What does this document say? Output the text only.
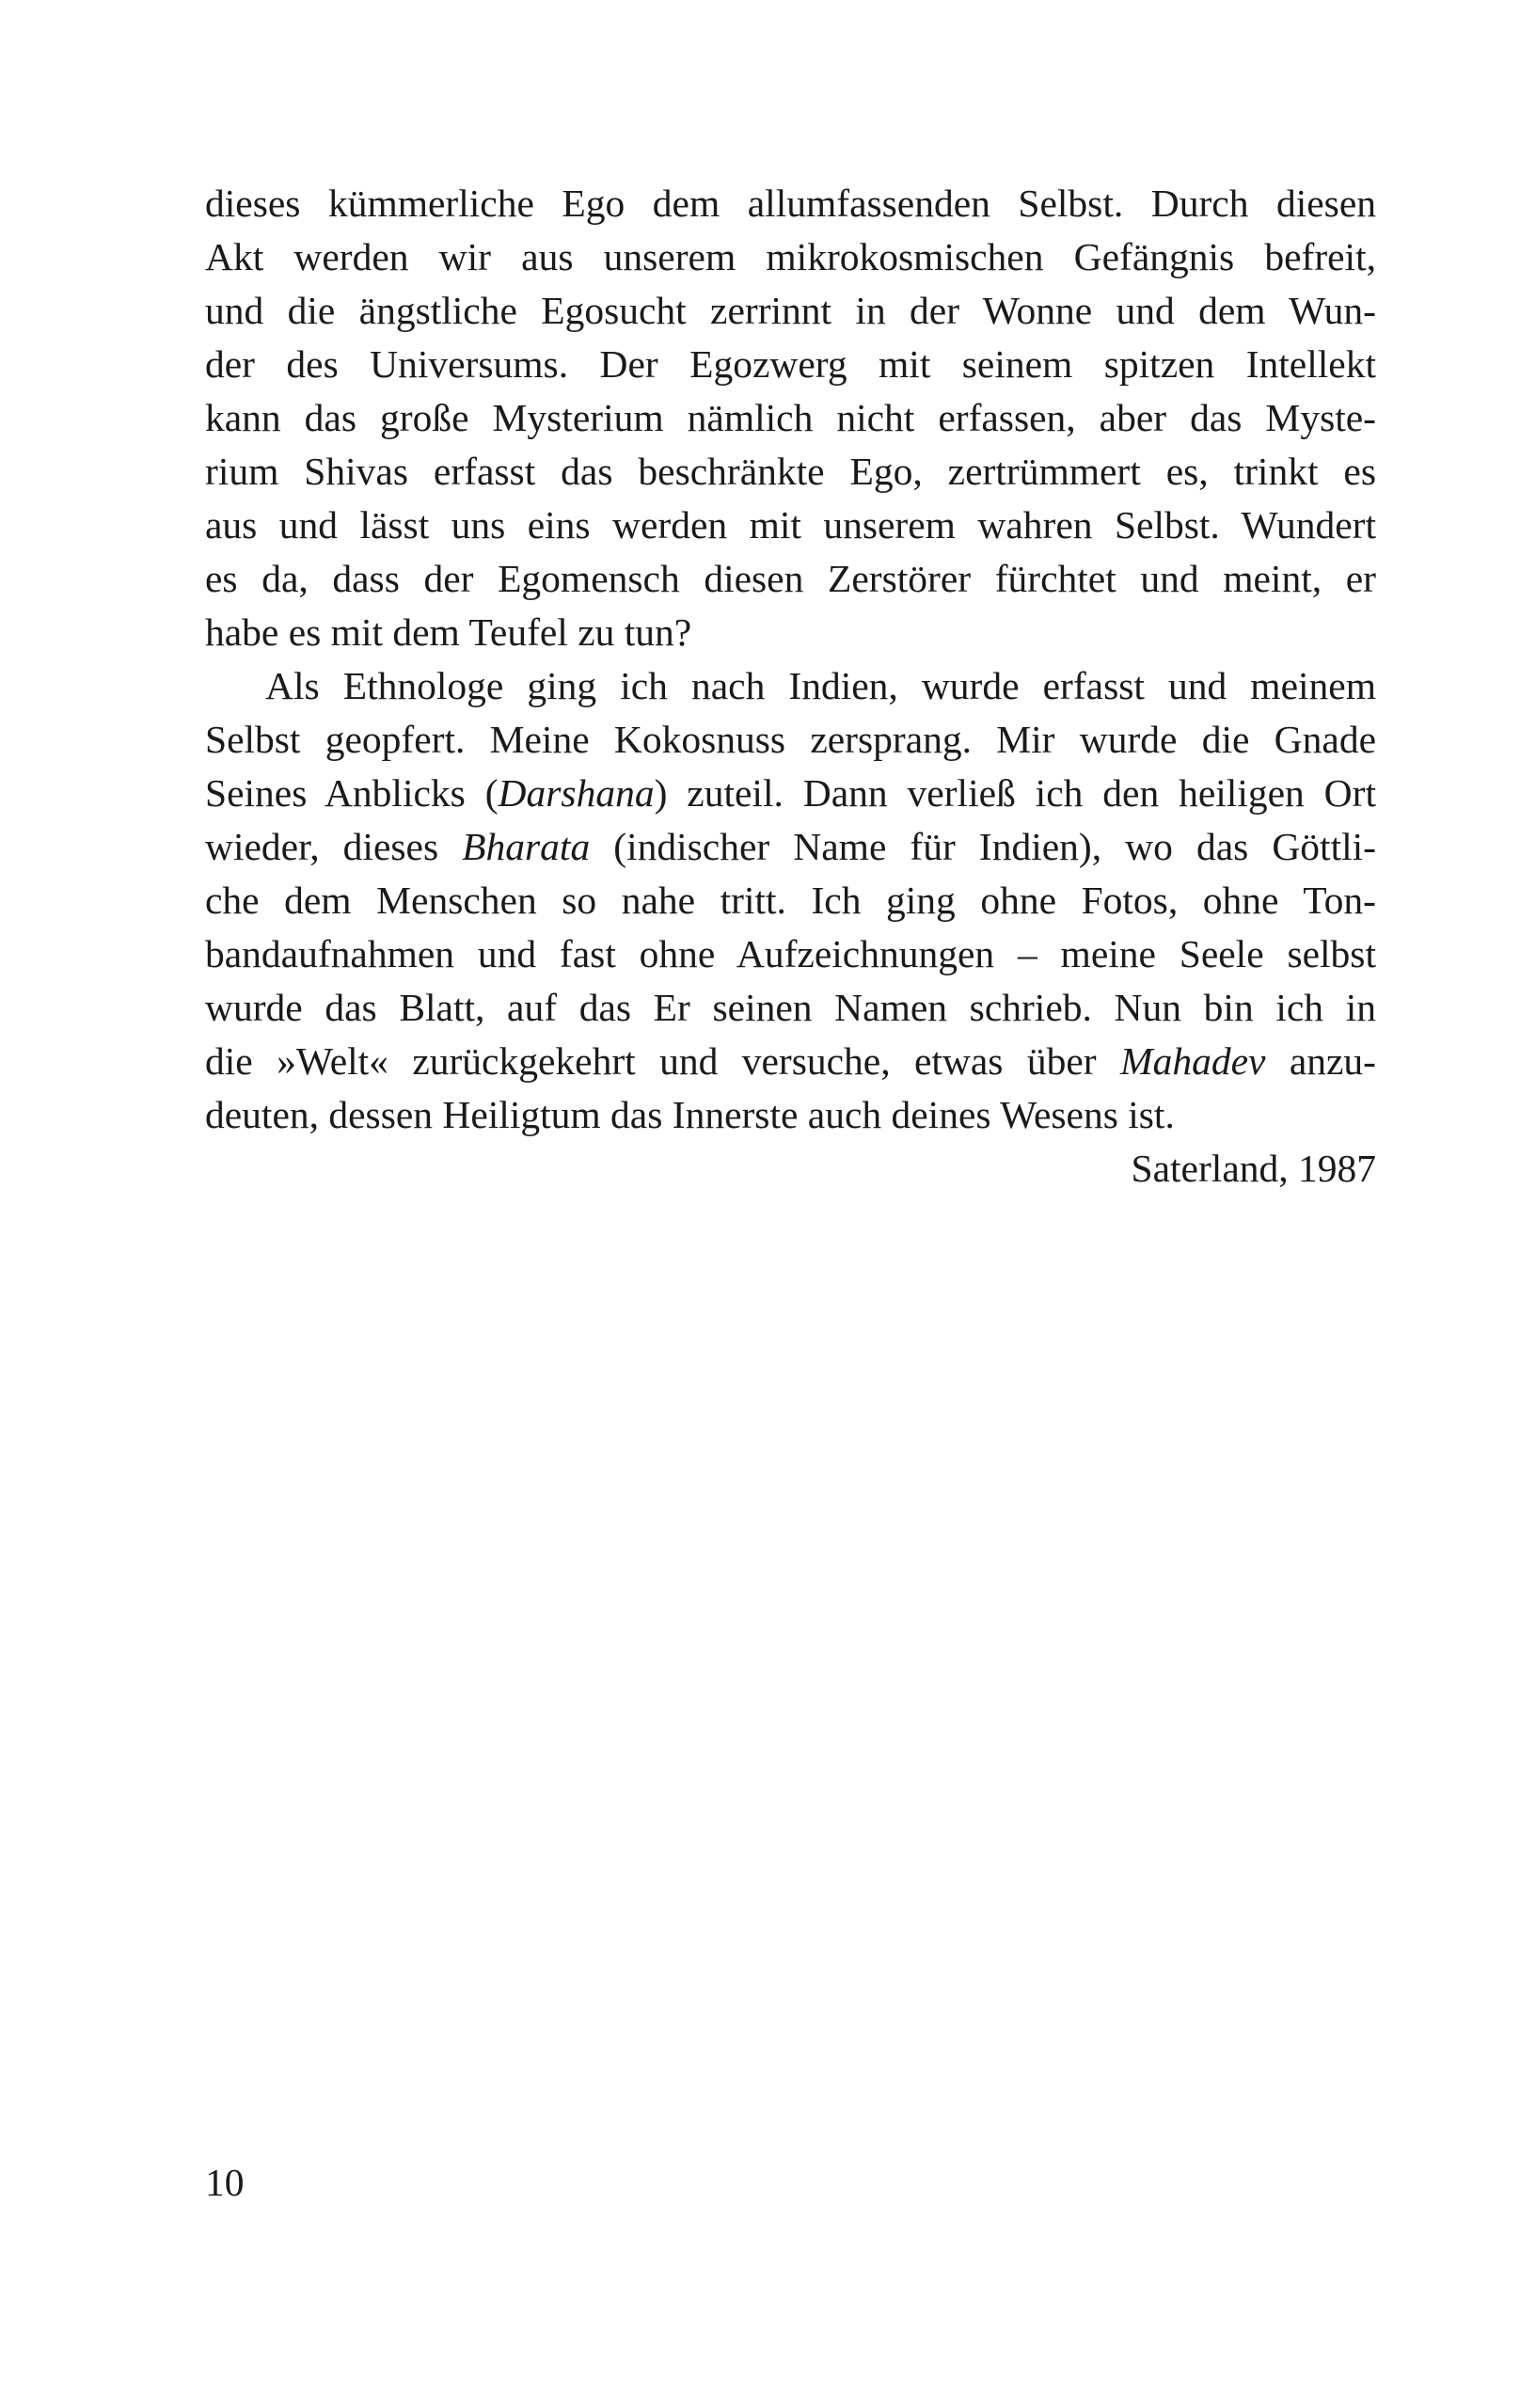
dieses kümmerliche Ego dem allumfassenden Selbst. Durch diesen
Akt werden wir aus unserem mikrokosmischen Gefängnis befreit,
und die ängstliche Egosucht zerrinnt in der Wonne und dem Wun-
der des Universums. Der Egozwerg mit seinem spitzen Intellekt
kann das große Mysterium nämlich nicht erfassen, aber das Myste-
rium Shivas erfasst das beschränkte Ego, zertrümmert es, trinkt es
aus und lässt uns eins werden mit unserem wahren Selbst. Wundert
es da, dass der Egomensch diesen Zerstörer fürchtet und meint, er
habe es mit dem Teufel zu tun?
Als Ethnologe ging ich nach Indien, wurde erfasst und meinem
Selbst geopfert. Meine Kokosnuss zersprang. Mir wurde die Gnade
Seines Anblicks (Darshana) zuteil. Dann verließ ich den heiligen Ort
wieder, dieses Bharata (indischer Name für Indien), wo das Göttli-
che dem Menschen so nahe tritt. Ich ging ohne Fotos, ohne Ton-
bandaufnahmen und fast ohne Aufzeichnungen – meine Seele selbst
wurde das Blatt, auf das Er seinen Namen schrieb. Nun bin ich in
die »Welt« zurückgekehrt und versuche, etwas über Mahadev anzu-
deuten, dessen Heiligtum das Innerste auch deines Wesens ist.
Saterland, 1987
10
